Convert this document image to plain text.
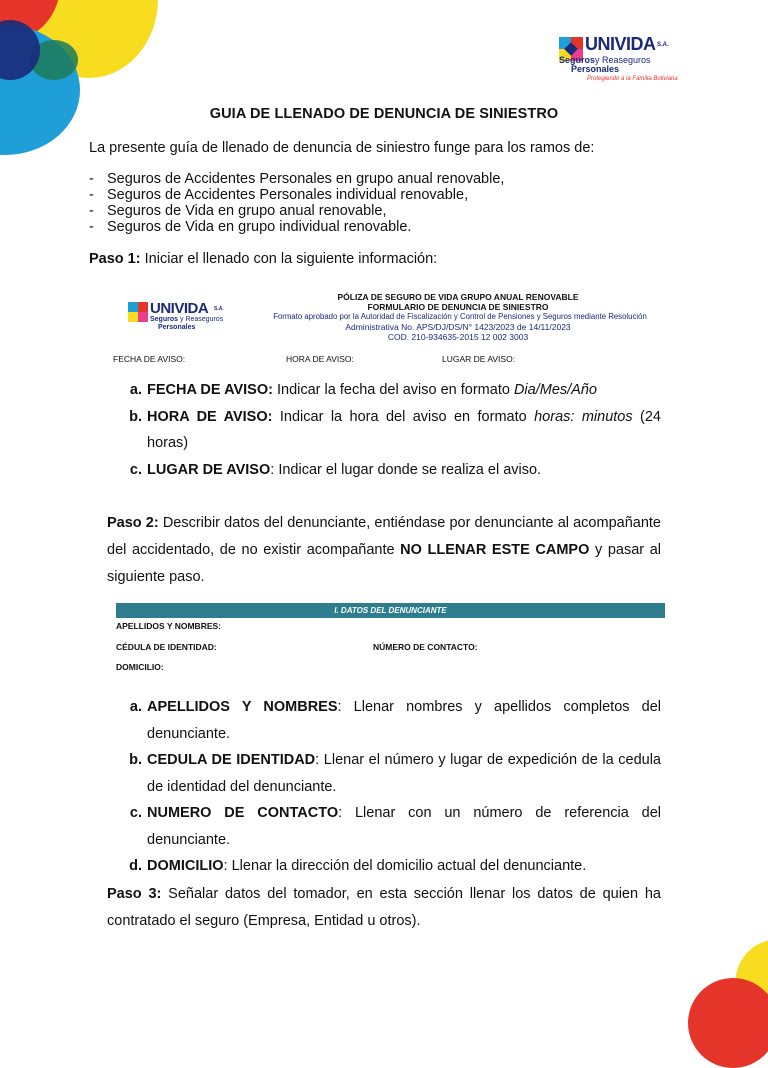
UNIVIDA S.A.
Seguros y Reaseguros
Personales
Protegiendo a la Familia Boliviana
GUIA DE LLENADO DE DENUNCIA DE SINIESTRO
La presente guía de llenado de denuncia de siniestro funge para los ramos de:
- Seguros de Accidentes Personales en grupo anual renovable,
- Seguros de Accidentes Personales individual renovable,
- Seguros de Vida en grupo anual renovable,
- Seguros de Vida en grupo individual renovable.
Paso 1: Iniciar el llenado con la siguiente información:
UNIVIDA S.A.
Seguros y Reaseguros
Personales
PÓLIZA DE SEGURO DE VIDA GRUPO ANUAL RENOVABLE
FORMULARIO DE DENUNCIA DE SINIESTRO
Formato aprobado por la Autoridad de Fiscalización y Control de Pensiones y Seguros mediante Resolución
Administrativa No. APS/DJ/DS/N° 1423/2023 de 14/11/2023
COD. 210-934635-2015 12 002 3003
FECHA DE AVISO:	HORA DE AVISO:	LUGAR DE AVISO:
a. FECHA DE AVISO: Indicar la fecha del aviso en formato Dia/Mes/Año
b. HORA DE AVISO: Indicar la hora del aviso en formato horas: minutos (24 horas)
c. LUGAR DE AVISO: Indicar el lugar donde se realiza el aviso.
Paso 2: Describir datos del denunciante, entiéndase por denunciante al acompañante del accidentado, de no existir acompañante NO LLENAR ESTE CAMPO y pasar al siguiente paso.
I. DATOS DEL DENUNCIANTE
APELLIDOS Y NOMBRES:
CÉDULA DE IDENTIDAD:	NÚMERO DE CONTACTO:
DOMICILIO:
a. APELLIDOS Y NOMBRES: Llenar nombres y apellidos completos del denunciante.
b. CEDULA DE IDENTIDAD: Llenar el número y lugar de expedición de la cedula de identidad del denunciante.
c. NUMERO DE CONTACTO: Llenar con un número de referencia del denunciante.
d. DOMICILIO: Llenar la dirección del domicilio actual del denunciante.
Paso 3: Señalar datos del tomador, en esta sección llenar los datos de quien ha contratado el seguro (Empresa, Entidad u otros).
